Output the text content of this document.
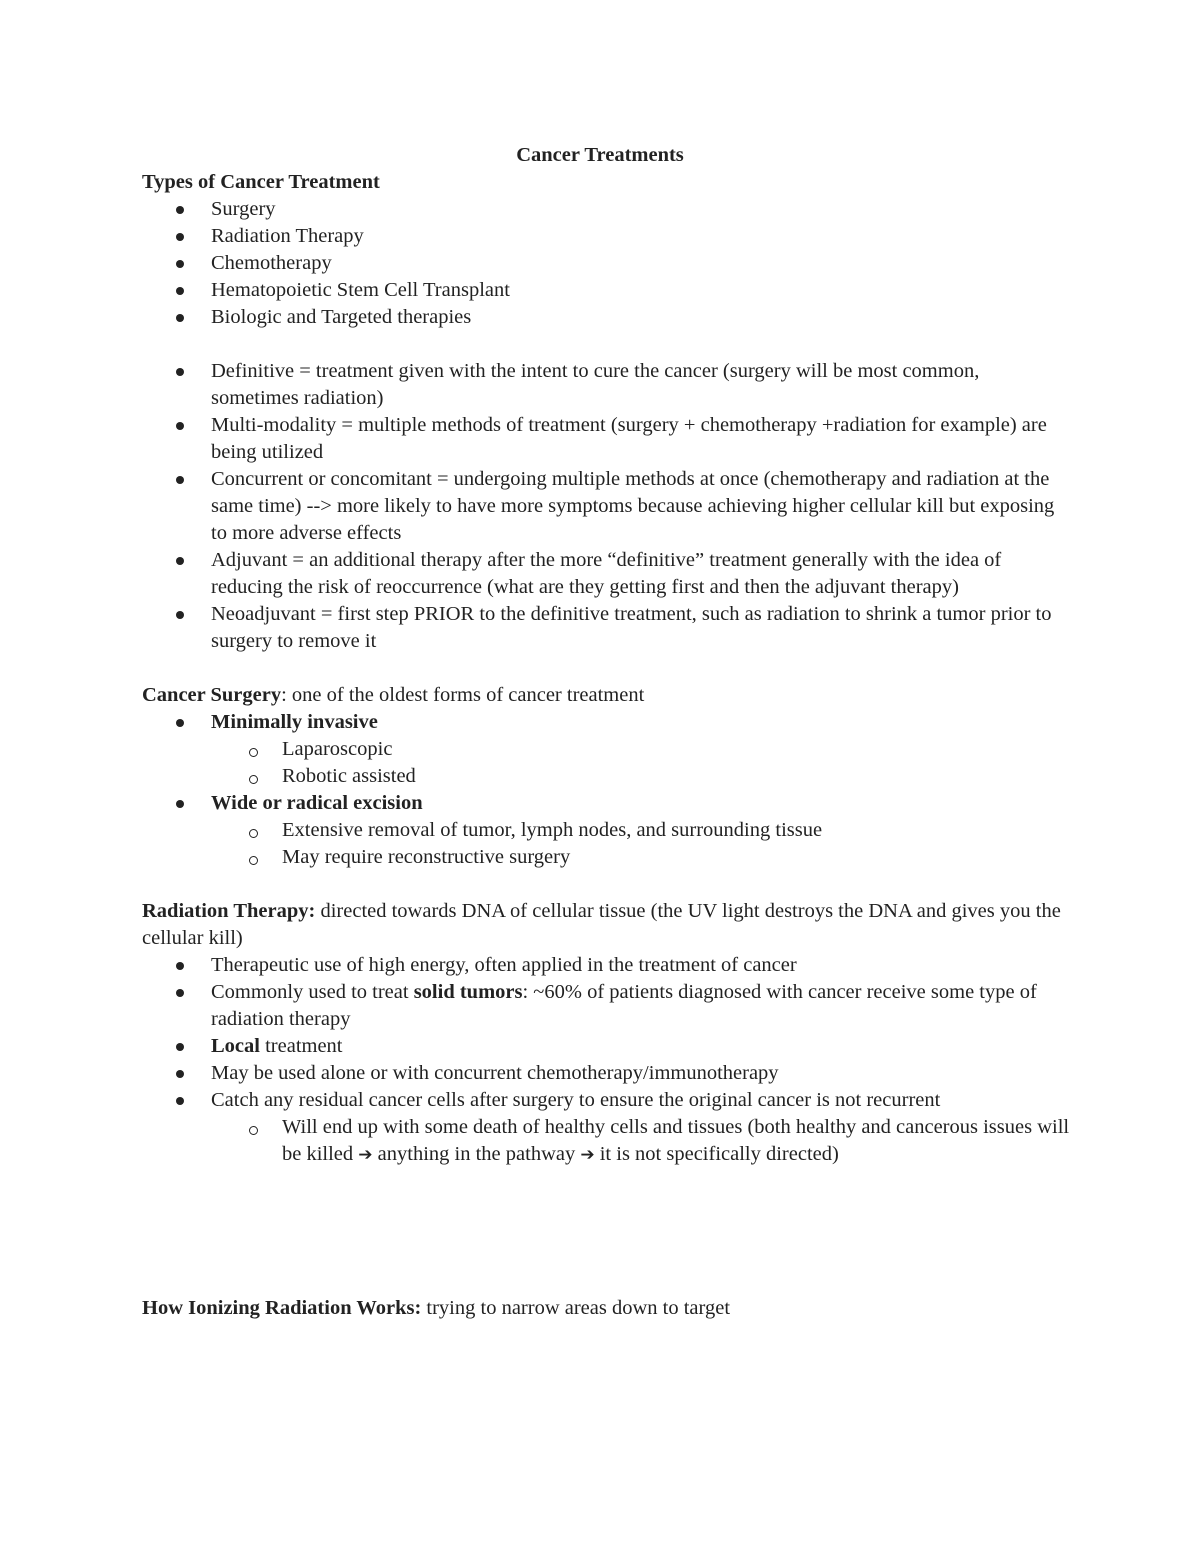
Cancer Treatments

Types of Cancer Treatment

Surgery
Radiation Therapy
Chemotherapy
Hematopoietic Stem Cell Transplant
Biologic and Targeted therapies
Definitive = treatment given with the intent to cure the cancer (surgery will be most common, sometimes radiation)
Multi-modality = multiple methods of treatment (surgery + chemotherapy +radiation for example) are being utilized
Concurrent or concomitant = undergoing multiple methods at once (chemotherapy and radiation at the same time) --> more likely to have more symptoms because achieving higher cellular kill but exposing to more adverse effects
Adjuvant = an additional therapy after the more “definitive” treatment generally with the idea of reducing the risk of reoccurrence (what are they getting first and then the adjuvant therapy)
Neoadjuvant = first step PRIOR to the definitive treatment, such as radiation to shrink a tumor prior to surgery to remove it

Cancer Surgery: one of the oldest forms of cancer treatment

Minimally invasive
Laparoscopic
Robotic assisted
Wide or radical excision
Extensive removal of tumor, lymph nodes, and surrounding tissue
May require reconstructive surgery

Radiation Therapy: directed towards DNA of cellular tissue (the UV light destroys the DNA and gives you the cellular kill)

Therapeutic use of high energy, often applied in the treatment of cancer
Commonly used to treat solid tumors: ~60% of patients diagnosed with cancer receive some type of radiation therapy
Local treatment
May be used alone or with concurrent chemotherapy/immunotherapy
Catch any residual cancer cells after surgery to ensure the original cancer is not recurrent
Will end up with some death of healthy cells and tissues (both healthy and cancerous issues will be killed ➔ anything in the pathway ➔ it is not specifically directed)

How Ionizing Radiation Works: trying to narrow areas down to target
